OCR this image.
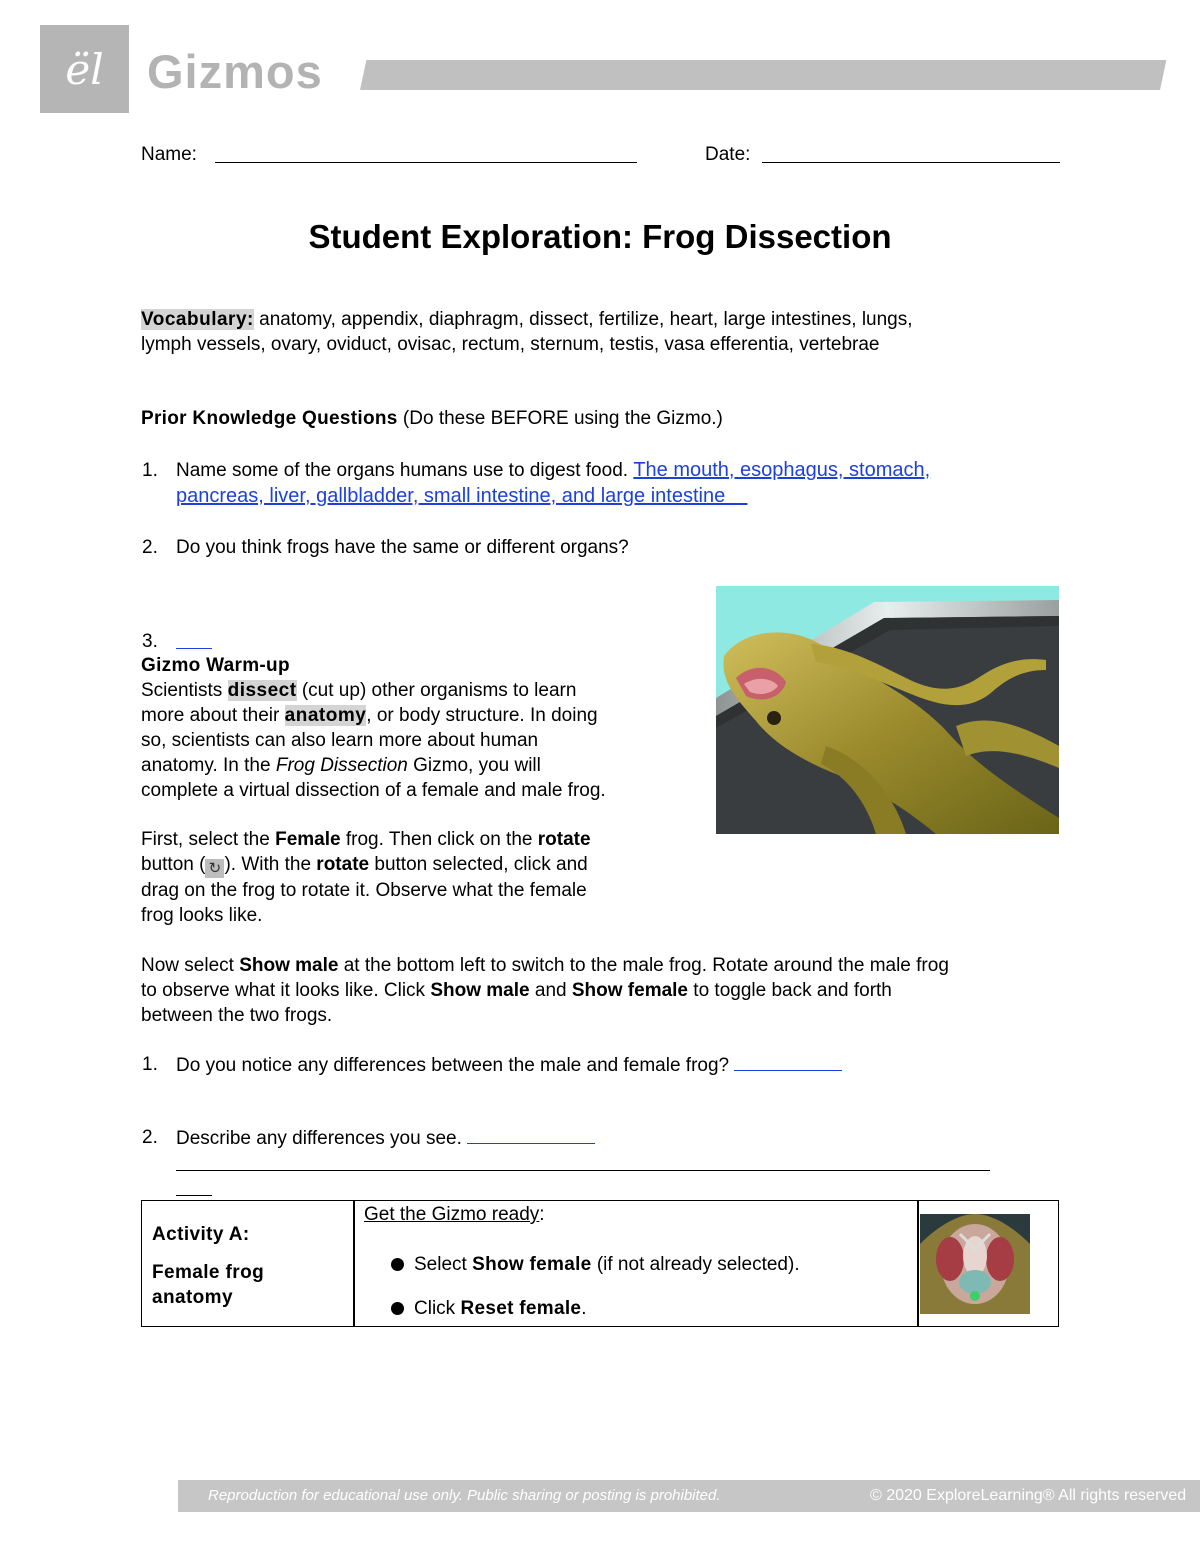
ël Gizmos
Name:	Date:
Student Exploration: Frog Dissection
Vocabulary: anatomy, appendix, diaphragm, dissect, fertilize, heart, large intestines, lungs,
lymph vessels, ovary, oviduct, ovisac, rectum, sternum, testis, vasa efferentia, vertebrae
Prior Knowledge Questions (Do these BEFORE using the Gizmo.)
1. Name some of the organs humans use to digest food. The mouth, esophagus, stomach,
pancreas, liver, gallbladder, small intestine, and large intestine
2. Do you think frogs have the same or different organs?
3.
Gizmo Warm-up
Scientists dissect (cut up) other organisms to learn
more about their anatomy, or body structure. In doing
so, scientists can also learn more about human
anatomy. In the Frog Dissection Gizmo, you will
complete a virtual dissection of a female and male frog.
First, select the Female frog. Then click on the rotate
button ( ↻ ). With the rotate button selected, click and
drag on the frog to rotate it. Observe what the female
frog looks like.
Now select Show male at the bottom left to switch to the male frog. Rotate around the male frog
to observe what it looks like. Click Show male and Show female to toggle back and forth
between the two frogs.
1. Do you notice any differences between the male and female frog?
2. Describe any differences you see.
Activity A:
Female frog
anatomy
Get the Gizmo ready:
Select Show female (if not already selected).
Click Reset female.
Reproduction for educational use only. Public sharing or posting is prohibited.	© 2020 ExploreLearning® All rights reserved
